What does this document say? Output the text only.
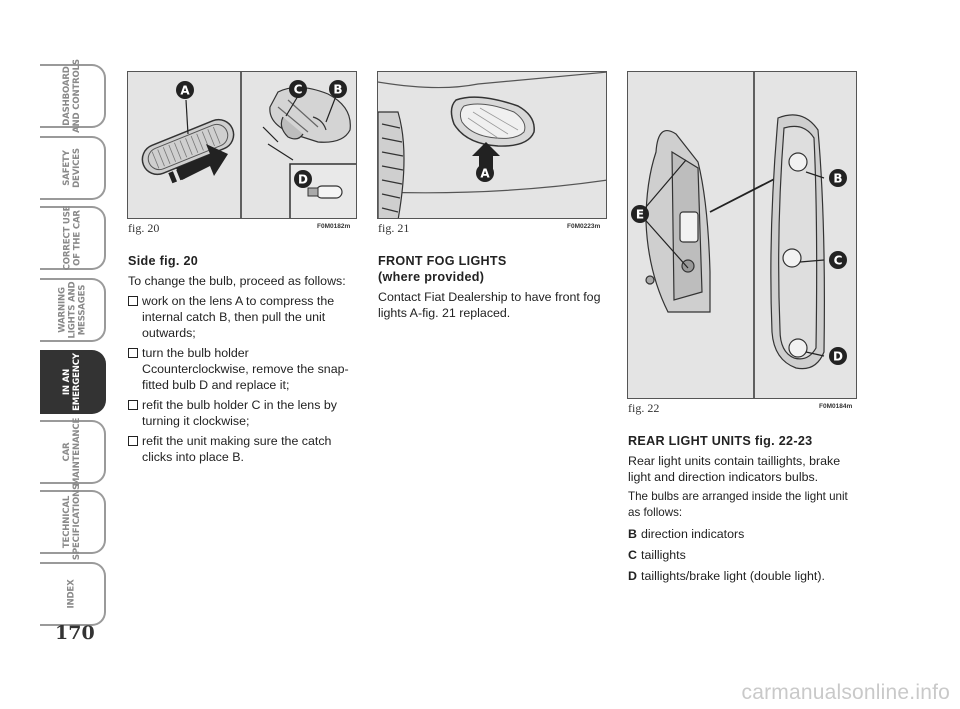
DASHBOARD
AND CONTROLS
SAFETY
DEVICES
CORRECT USE
OF THE CAR
WARNING
LIGHTS AND
MESSAGES
IN AN
EMERGENCY
CAR
MAINTENANCE
TECHNICAL
SPECIFICATIONS
INDEX
170
A	C	B
D
fig. 20	F0M0182m
A
fig. 21	F0M0223m
E
B
C
D
fig. 22	F0M0184m
Side fig. 20

To change the bulb, proceed as follows:

work on the lens A to compress the internal catch B, then pull the unit outwards;
turn the bulb holder Ccounterclockwise, remove the snap-fitted bulb D and replace it;
refit the bulb holder C in the lens by turning it clockwise;
refit the unit making sure the catch clicks into place B.
FRONT FOG LIGHTS
(where provided)

Contact Fiat Dealership to have front fog lights A-fig. 21 replaced.

REAR LIGHT UNITS fig. 22-23

Rear light units contain taillights, brake light and direction indicators bulbs.

The bulbs are arranged inside the light unit as follows:

B direction indicators
C taillights
D taillights/brake light (double light).
carmanualsonline.info
